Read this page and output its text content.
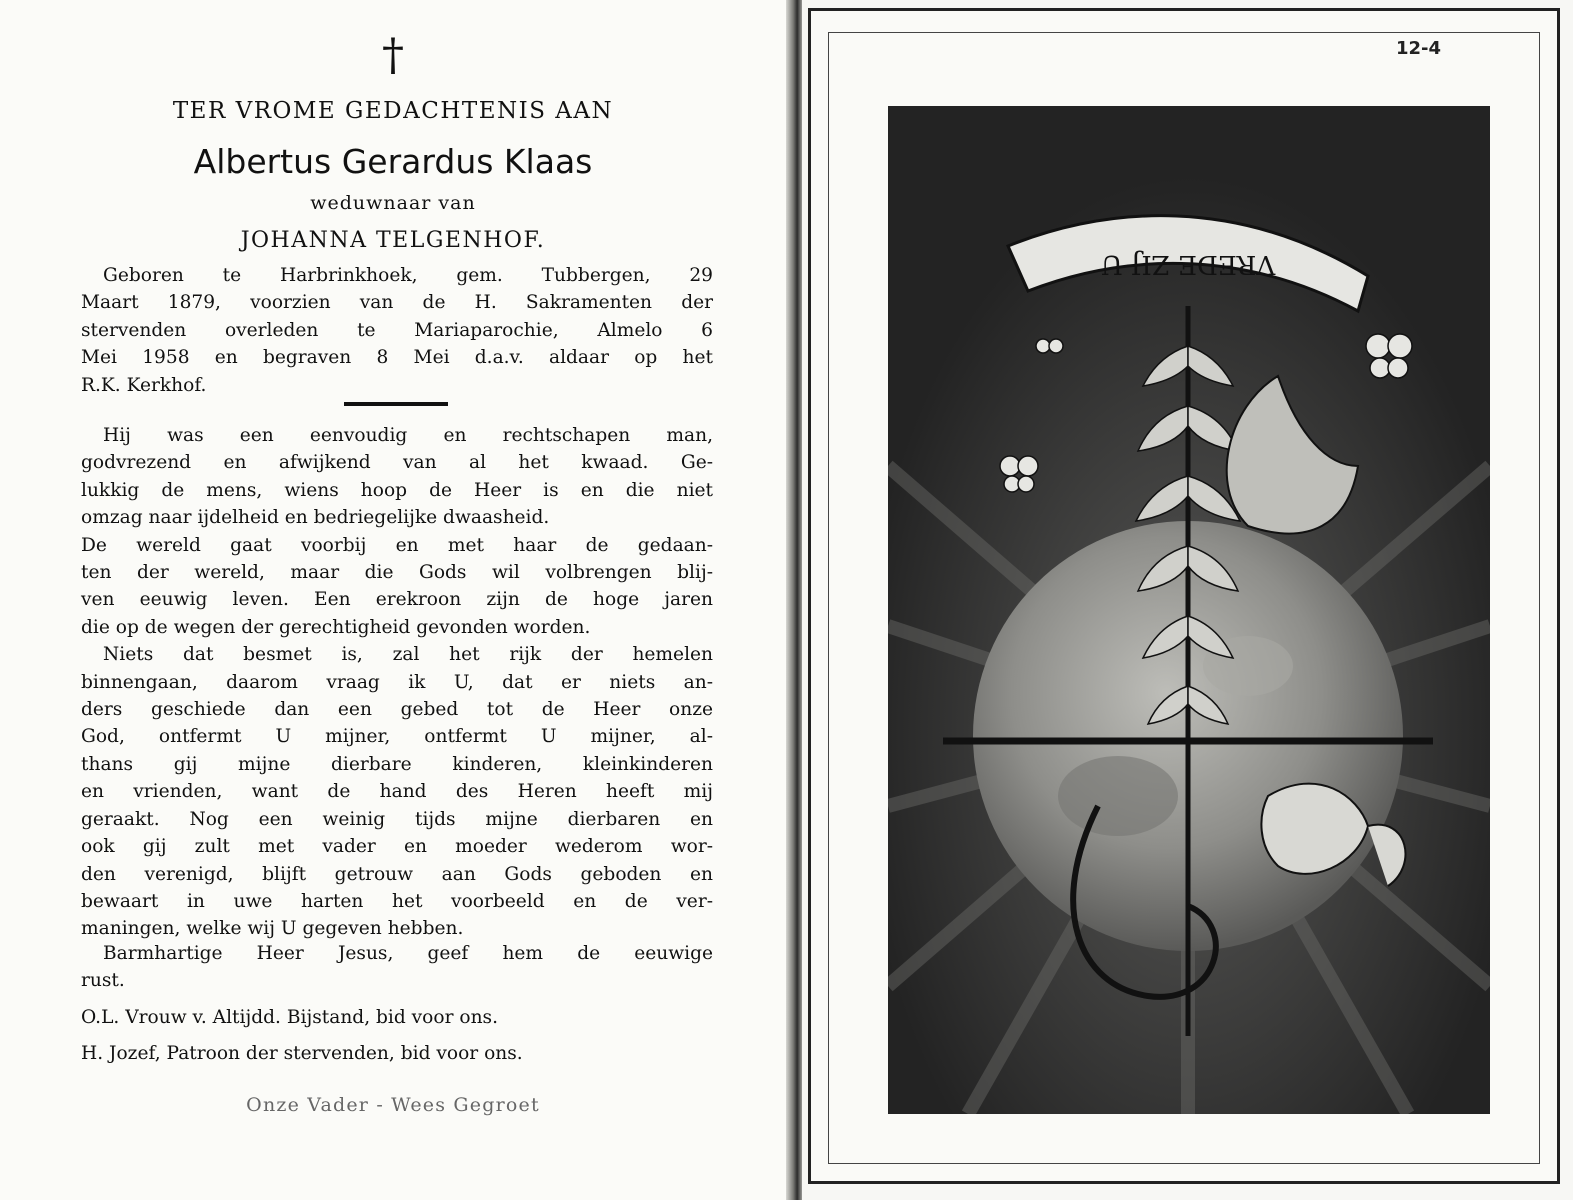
†
TER VROME GEDACHTENIS AAN
Albertus Gerardus Klaas
weduwnaar van
JOHANNA TELGENHOF.
Geboren te Harbrinkhoek, gem. Tubbergen, 29
Maart 1879, voorzien van de H. Sakramenten der
stervenden overleden te Mariaparochie, Almelo 6
Mei 1958 en begraven 8 Mei d.a.v. aldaar op het
R.K. Kerkhof.
Hij was een eenvoudig en rechtschapen man,
godvrezend en afwijkend van al het kwaad. Ge-
lukkig de mens, wiens hoop de Heer is en die niet
omzag naar ijdelheid en bedriegelijke dwaasheid.
De wereld gaat voorbij en met haar de gedaan-
ten der wereld, maar die Gods wil volbrengen blij-
ven eeuwig leven. Een erekroon zijn de hoge jaren
die op de wegen der gerechtigheid gevonden worden.
Niets dat besmet is, zal het rijk der hemelen
binnengaan, daarom vraag ik U, dat er niets an-
ders geschiede dan een gebed tot de Heer onze
God, ontfermt U mijner, ontfermt U mijner, al-
thans gij mijne dierbare kinderen, kleinkinderen
en vrienden, want de hand des Heren heeft mij
geraakt. Nog een weinig tijds mijne dierbaren en
ook gij zult met vader en moeder wederom wor-
den verenigd, blijft getrouw aan Gods geboden en
bewaart in uwe harten het voorbeeld en de ver-
maningen, welke wij U gegeven hebben.
Barmhartige Heer Jesus, geef hem de eeuwige
rust.
O.L. Vrouw v. Altijdd. Bijstand, bid voor ons.
H. Jozef, Patroon der stervenden, bid voor ons.
Onze Vader - Wees Gegroet
12-4
VREDE ZIJ U
